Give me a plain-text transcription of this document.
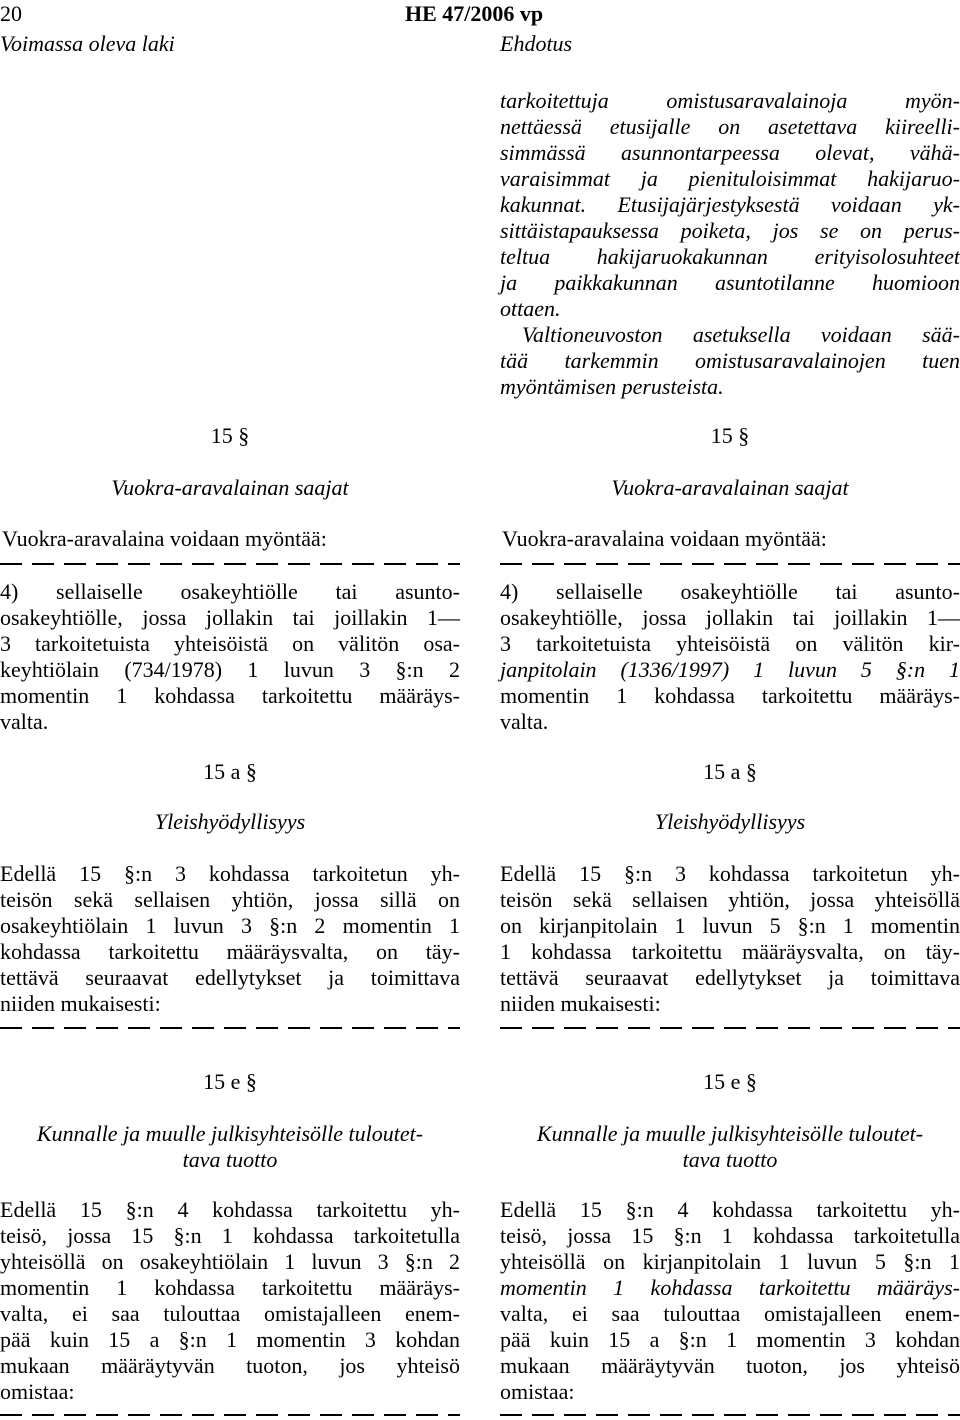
20	HE 47/2006 vp
Voimassa oleva laki	Ehdotus
15 §
Vuokra-aravalainan saajat
Vuokra-aravalaina voidaan myöntää:
4) sellaiselle osakeyhtiölle tai asunto-
osakeyhtiölle, jossa jollakin tai joillakin 1—
3 tarkoitetuista yhteisöistä on välitön osa-
keyhtiölain (734/1978) 1 luvun 3 §:n 2
momentin 1 kohdassa tarkoitettu määräys-
valta.
15 a §
Yleishyödyllisyys
Edellä 15 §:n 3 kohdassa tarkoitetun yh-
teisön sekä sellaisen yhtiön, jossa sillä on
osakeyhtiölain 1 luvun 3 §:n 2 momentin 1
kohdassa tarkoitettu määräysvalta, on täy-
tettävä seuraavat edellytykset ja toimittava
niiden mukaisesti:
15 e §
Kunnalle ja muulle julkisyhteisölle tuloutet-
tava tuotto
Edellä 15 §:n 4 kohdassa tarkoitettu yh-
teisö, jossa 15 §:n 1 kohdassa tarkoitetulla
yhteisöllä on osakeyhtiölain 1 luvun 3 §:n 2
momentin 1 kohdassa tarkoitettu määräys-
valta, ei saa tulouttaa omistajalleen enem-
pää kuin 15 a §:n 1 momentin 3 kohdan
mukaan määräytyvän tuoton, jos yhteisö
omistaa:
tarkoitettuja omistusaravalainoja myön-
nettäessä etusijalle on asetettava kiireelli-
simmässä asunnontarpeessa olevat, vähä-
varaisimmat ja pienituloisimmat hakijaruo-
kakunnat. Etusijajärjestyksestä voidaan yk-
sittäistapauksessa poiketa, jos se on perus-
teltua hakijaruokakunnan erityisolosuhteet
ja paikkakunnan asuntotilanne huomioon
ottaen.
Valtioneuvoston asetuksella voidaan sää-
tää tarkemmin omistusaravalainojen tuen
myöntämisen perusteista.
15 §
Vuokra-aravalainan saajat
Vuokra-aravalaina voidaan myöntää:
4) sellaiselle osakeyhtiölle tai asunto-
osakeyhtiölle, jossa jollakin tai joillakin 1—
3 tarkoitetuista yhteisöistä on välitön kir-
janpitolain (1336/1997) 1 luvun 5 §:n 1
momentin 1 kohdassa tarkoitettu määräys-
valta.
15 a §
Yleishyödyllisyys
Edellä 15 §:n 3 kohdassa tarkoitetun yh-
teisön sekä sellaisen yhtiön, jossa yhteisöllä
on kirjanpitolain 1 luvun 5 §:n 1 momentin
1 kohdassa tarkoitettu määräysvalta, on täy-
tettävä seuraavat edellytykset ja toimittava
niiden mukaisesti:
15 e §
Kunnalle ja muulle julkisyhteisölle tuloutet-
tava tuotto
Edellä 15 §:n 4 kohdassa tarkoitettu yh-
teisö, jossa 15 §:n 1 kohdassa tarkoitetulla
yhteisöllä on kirjanpitolain 1 luvun 5 §:n 1
momentin 1 kohdassa tarkoitettu määräys-
valta, ei saa tulouttaa omistajalleen enem-
pää kuin 15 a §:n 1 momentin 3 kohdan
mukaan määräytyvän tuoton, jos yhteisö
omistaa:
